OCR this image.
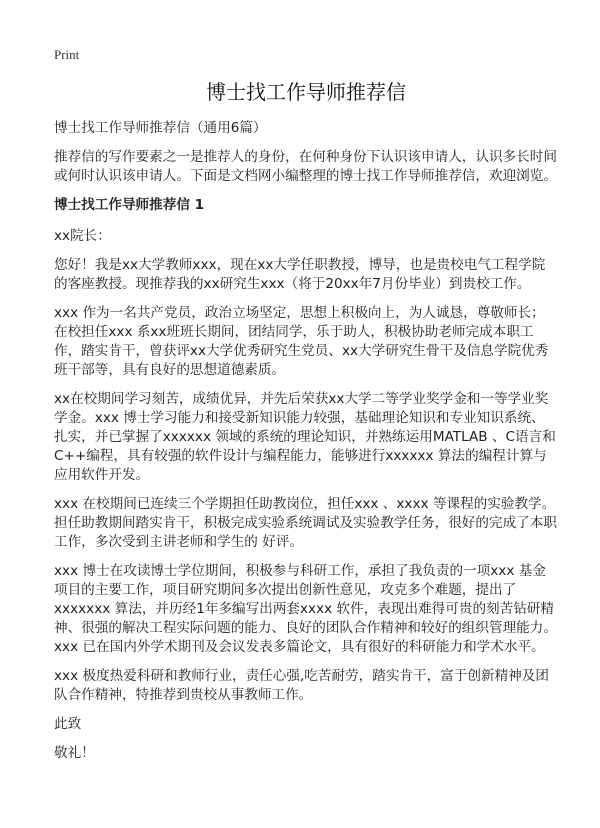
Print
博士找工作导师推荐信

博士找工作导师推荐信（通用6篇）

推荐信的写作要素之一是推荐人的身份，在何种身份下认识该申请人，认识多长时间或何时认识该申请人。下面是文档网小编整理的博士找工作导师推荐信，欢迎浏览。

博士找工作导师推荐信 1

xx院长：

您好！我是xx大学教师xxx，现在xx大学任职教授，博导，也是贵校电气工程学院的客座教授。现推荐我的xx研究生xxx（将于20xx年7月份毕业）到贵校工作。

xxx 作为一名共产党员，政治立场坚定，思想上积极向上，为人诚恳，尊敬师长；在校担任xxx 系xx班班长期间，团结同学，乐于助人，积极协助老师完成本职工作，踏实肯干，曾获评xx大学优秀研究生党员、xx大学研究生骨干及信息学院优秀班干部等，具有良好的思想道德素质。

xx在校期间学习刻苦，成绩优异，并先后荣获xx大学二等学业奖学金和一等学业奖学金。xxx 博士学习能力和接受新知识能力较强，基础理论知识和专业知识系统、扎实，并已掌握了xxxxxx 领域的系统的理论知识，并熟练运用MATLAB 、C语言和C++编程，具有较强的软件设计与编程能力，能够进行xxxxxx 算法的编程计算与应用软件开发。

xxx 在校期间已连续三个学期担任助教岗位，担任xxx 、xxxx 等课程的实验教学。担任助教期间踏实肯干，积极完成实验系统调试及实验教学任务，很好的完成了本职工作，多次受到主讲老师和学生的 好评。

xxx 博士在攻读博士学位期间，积极参与科研工作，承担了我负责的一项xxx 基金项目的主要工作，项目研究期间多次提出创新性意见，攻克多个难题，提出了xxxxxxx 算法，并历经1年多编写出两套xxxx 软件，表现出难得可贵的刻苦钻研精神、很强的解决工程实际问题的能力、良好的团队合作精神和较好的组织管理能力。xxx 已在国内外学术期刊及会议发表多篇论文，具有很好的科研能力和学术水平。

xxx 极度热爱科研和教师行业，责任心强,吃苦耐劳，踏实肯干，富于创新精神及团队合作精神，特推荐到贵校从事教师工作。

此致

敬礼！
